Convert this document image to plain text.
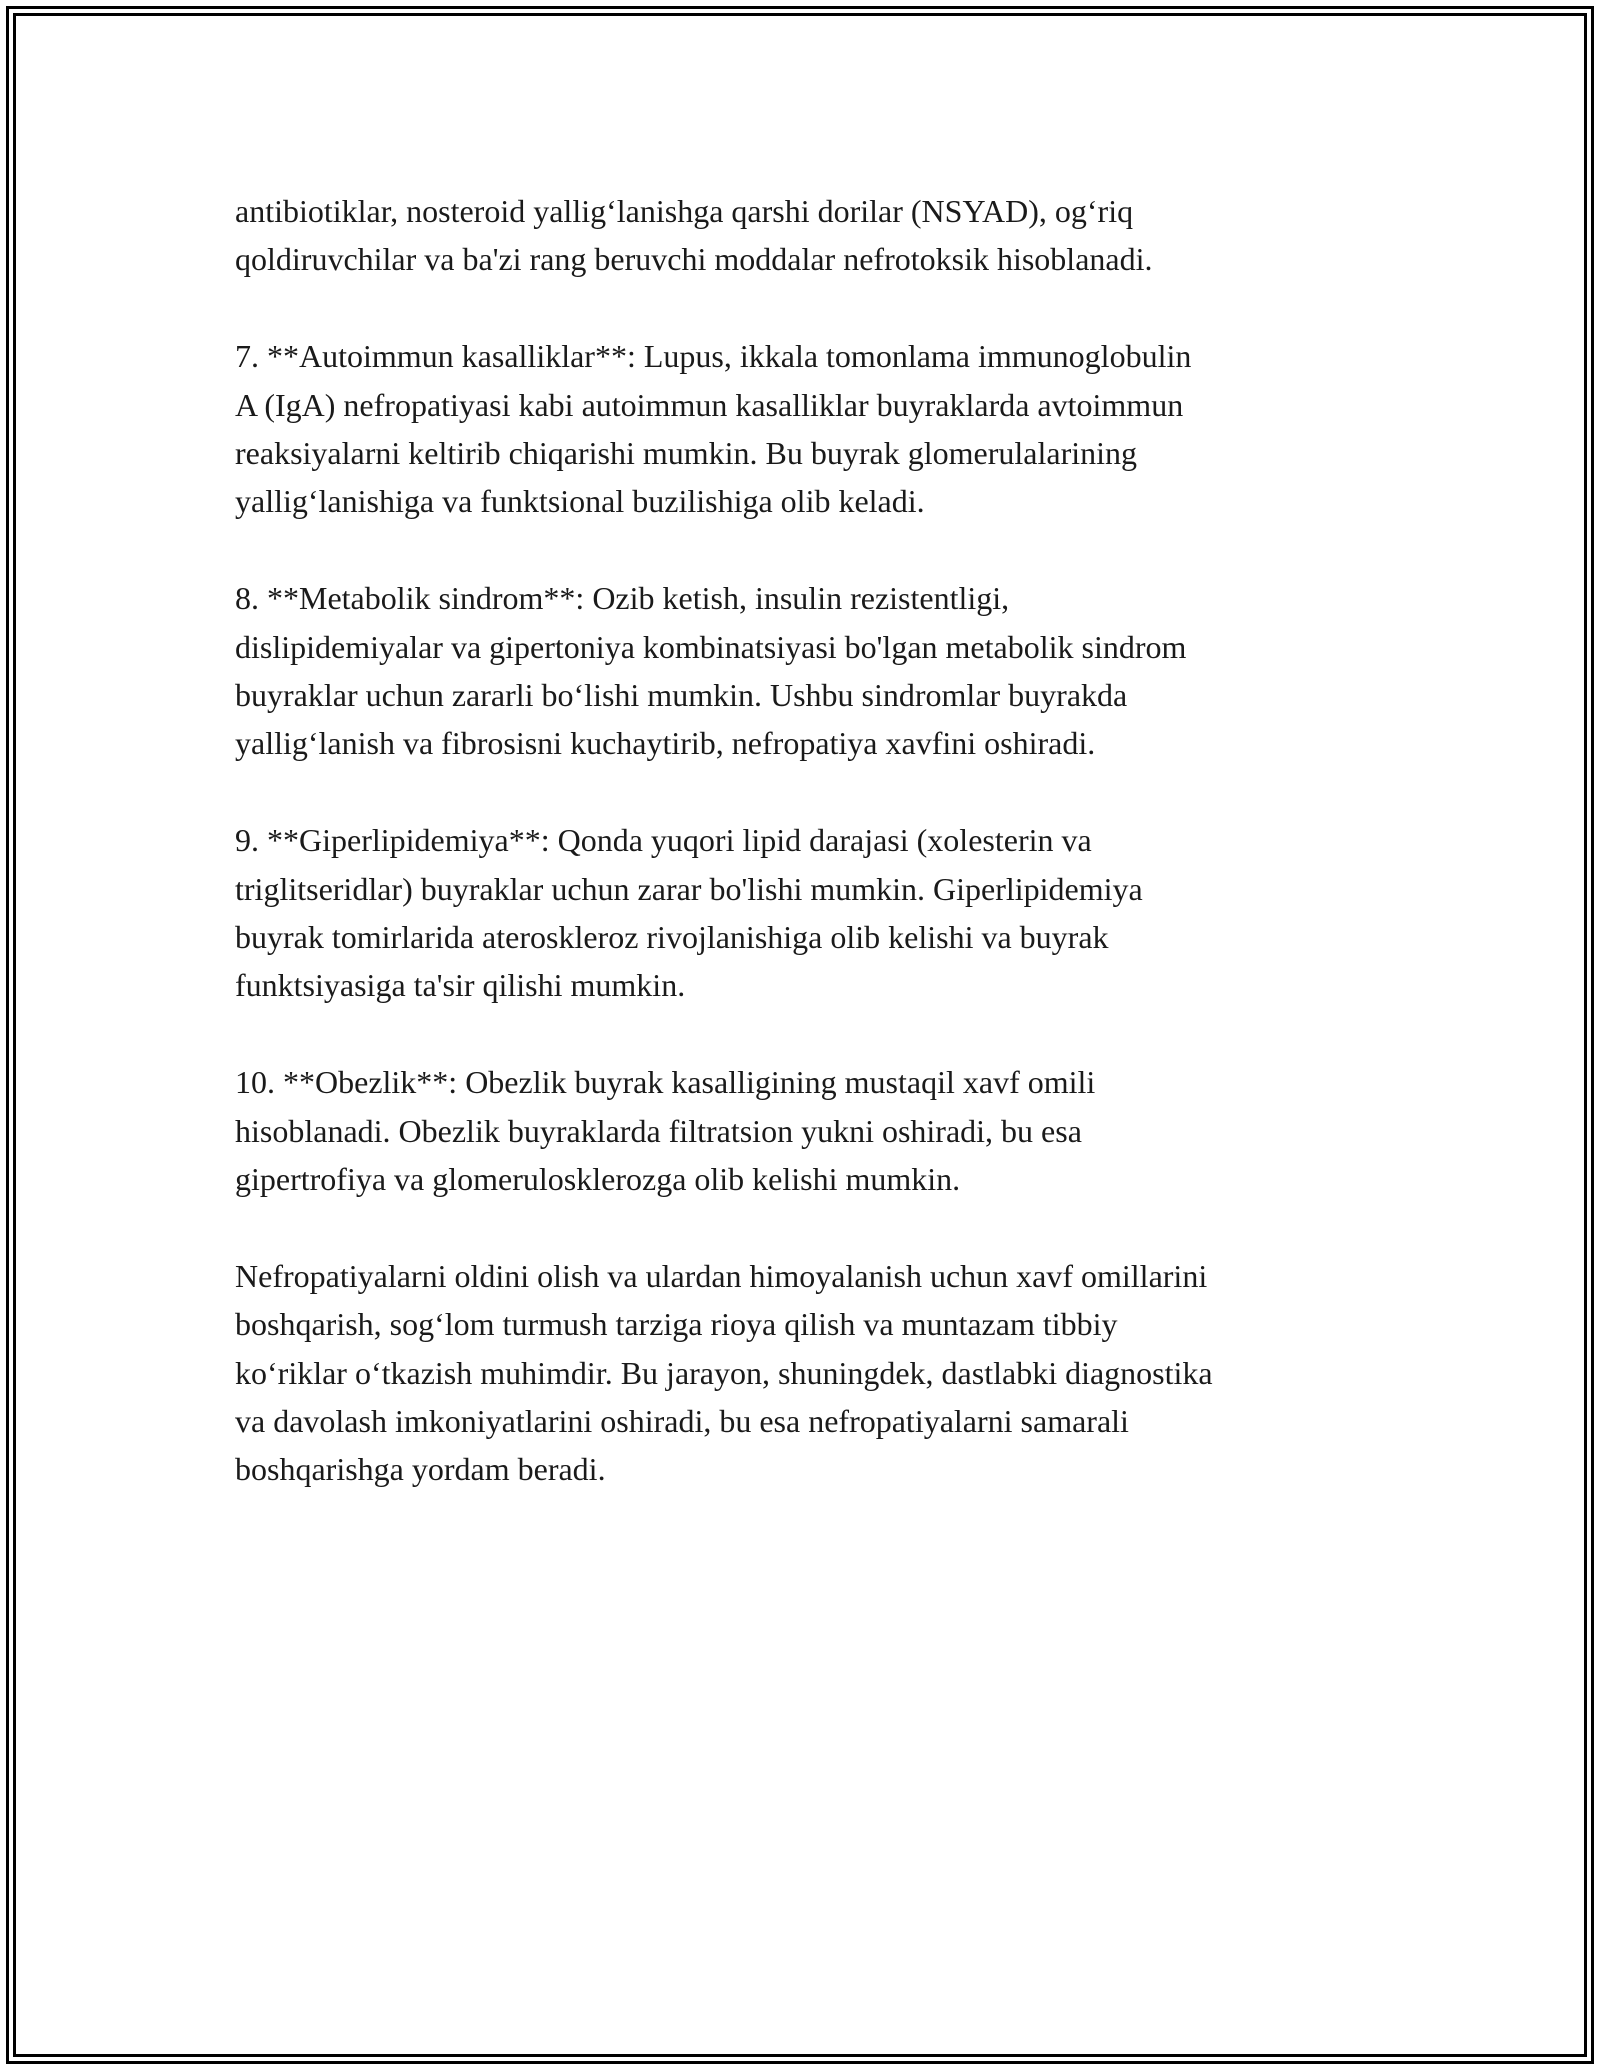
antibiotiklar, nosteroid yallig‘lanishga qarshi dorilar (NSYAD), og‘riq
qoldiruvchilar va ba'zi rang beruvchi moddalar nefrotoksik hisoblanadi.

7. **Autoimmun kasalliklar**: Lupus, ikkala tomonlama immunoglobulin
A (IgA) nefropatiyasi kabi autoimmun kasalliklar buyraklarda avtoimmun
reaksiyalarni keltirib chiqarishi mumkin. Bu buyrak glomerulalarining
yallig‘lanishiga va funktsional buzilishiga olib keladi.

8. **Metabolik sindrom**: Ozib ketish, insulin rezistentligi,
dislipidemiyalar va gipertoniya kombinatsiyasi bo'lgan metabolik sindrom
buyraklar uchun zararli bo‘lishi mumkin. Ushbu sindromlar buyrakda
yallig‘lanish va fibrosisni kuchaytirib, nefropatiya xavfini oshiradi.

9. **Giperlipidemiya**: Qonda yuqori lipid darajasi (xolesterin va
triglitseridlar) buyraklar uchun zarar bo'lishi mumkin. Giperlipidemiya
buyrak tomirlarida ateroskleroz rivojlanishiga olib kelishi va buyrak
funktsiyasiga ta'sir qilishi mumkin.

10. **Obezlik**: Obezlik buyrak kasalligining mustaqil xavf omili
hisoblanadi. Obezlik buyraklarda filtratsion yukni oshiradi, bu esa
gipertrofiya va glomerulosklerozga olib kelishi mumkin.

Nefropatiyalarni oldini olish va ulardan himoyalanish uchun xavf omillarini
boshqarish, sog‘lom turmush tarziga rioya qilish va muntazam tibbiy
ko‘riklar o‘tkazish muhimdir. Bu jarayon, shuningdek, dastlabki diagnostika
va davolash imkoniyatlarini oshiradi, bu esa nefropatiyalarni samarali
boshqarishga yordam beradi.
